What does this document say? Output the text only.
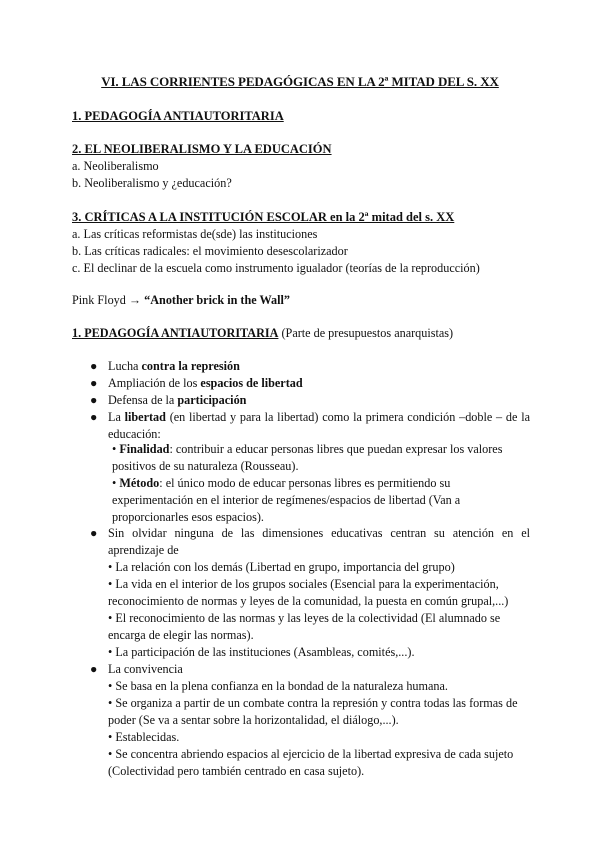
VI. LAS CORRIENTES PEDAGÓGICAS EN LA 2ª MITAD DEL S. XX
1. PEDAGOGÍA ANTIAUTORITARIA
2. EL NEOLIBERALISMO Y LA EDUCACIÓN
a. Neoliberalismo
b. Neoliberalismo y ¿educación?
3. CRÍTICAS A LA INSTITUCIÓN ESCOLAR en la 2ª mitad del s. XX
a. Las críticas reformistas de(sde) las instituciones
b. Las críticas radicales: el movimiento desescolarizador
c. El declinar de la escuela como instrumento igualador (teorías de la reproducción)
Pink Floyd → “Another brick in the Wall”
1. PEDAGOGÍA ANTIAUTORITARIA (Parte de presupuestos anarquistas)
● Lucha contra la represión
● Ampliación de los espacios de libertad
● Defensa de la participación
● La libertad (en libertad y para la libertad) como la primera condición –doble – de la educación:
• Finalidad: contribuir a educar personas libres que puedan expresar los valores positivos de su naturaleza (Rousseau).
• Método: el único modo de educar personas libres es permitiendo su experimentación en el interior de regímenes/espacios de libertad (Van a proporcionarles esos espacios).
● Sin olvidar ninguna de las dimensiones educativas centran su atención en el aprendizaje de
• La relación con los demás (Libertad en grupo, importancia del grupo)
• La vida en el interior de los grupos sociales (Esencial para la experimentación, reconocimiento de normas y leyes de la comunidad, la puesta en común grupal,...)
• El reconocimiento de las normas y las leyes de la colectividad (El alumnado se encarga de elegir las normas).
• La participación de las instituciones (Asambleas, comités,...).
● La convivencia
• Se basa en la plena confianza en la bondad de la naturaleza humana.
• Se organiza a partir de un combate contra la represión y contra todas las formas de poder (Se va a sentar sobre la horizontalidad, el diálogo,...).
• Establecidas.
• Se concentra abriendo espacios al ejercicio de la libertad expresiva de cada sujeto (Colectividad pero también centrado en casa sujeto).
